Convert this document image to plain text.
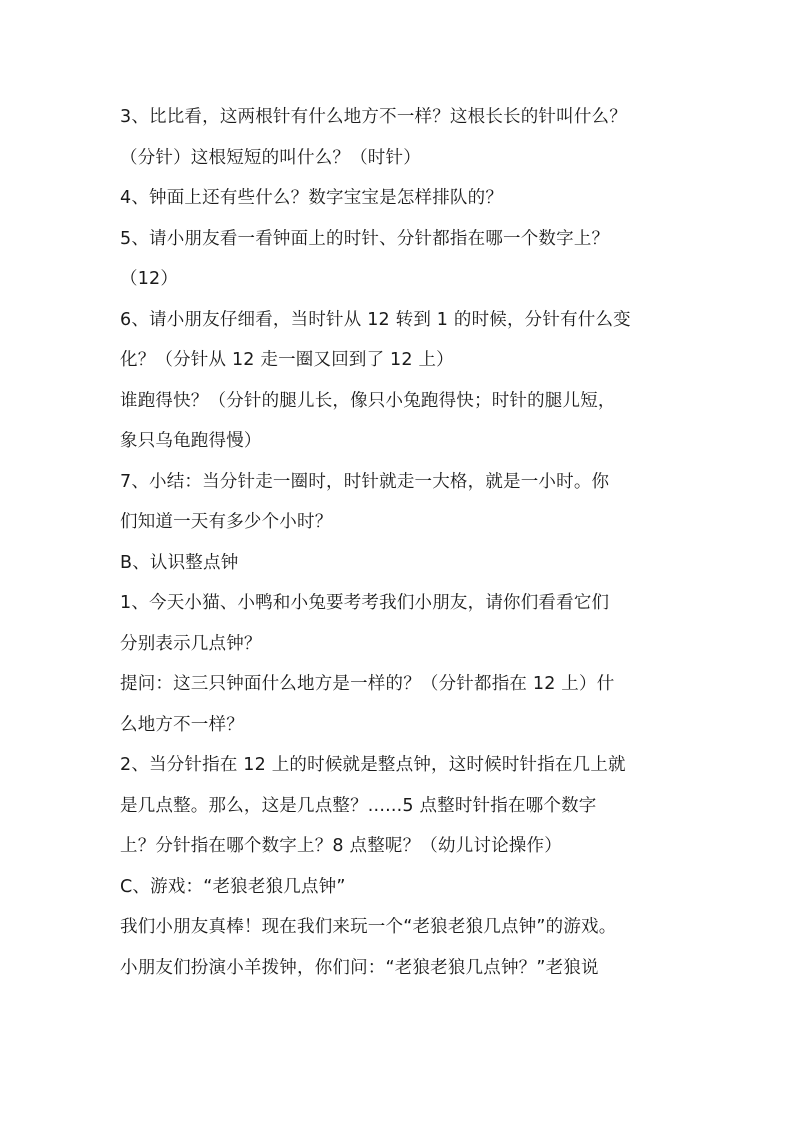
3、比比看，这两根针有什么地方不一样？这根长长的针叫什么？
（分针）这根短短的叫什么？（时针）
4、钟面上还有些什么？数字宝宝是怎样排队的？
5、请小朋友看一看钟面上的时针、分针都指在哪一个数字上？
（12）
6、请小朋友仔细看，当时针从 12 转到 1 的时候，分针有什么变
化？（分针从 12 走一圈又回到了 12 上）
谁跑得快？（分针的腿儿长，像只小兔跑得快；时针的腿儿短，
象只乌龟跑得慢）
7、小结：当分针走一圈时，时针就走一大格，就是一小时。你
们知道一天有多少个小时？
B、认识整点钟
1、今天小猫、小鸭和小兔要考考我们小朋友，请你们看看它们
分别表示几点钟？
提问：这三只钟面什么地方是一样的？（分针都指在 12 上）什
么地方不一样？
2、当分针指在 12 上的时候就是整点钟，这时候时针指在几上就
是几点整。那么，这是几点整？......5 点整时针指在哪个数字
上？分针指在哪个数字上？8 点整呢？（幼儿讨论操作）
C、游戏：“老狼老狼几点钟”
我们小朋友真棒！现在我们来玩一个“老狼老狼几点钟”的游戏。
小朋友们扮演小羊拨钟，你们问：“老狼老狼几点钟？”老狼说
